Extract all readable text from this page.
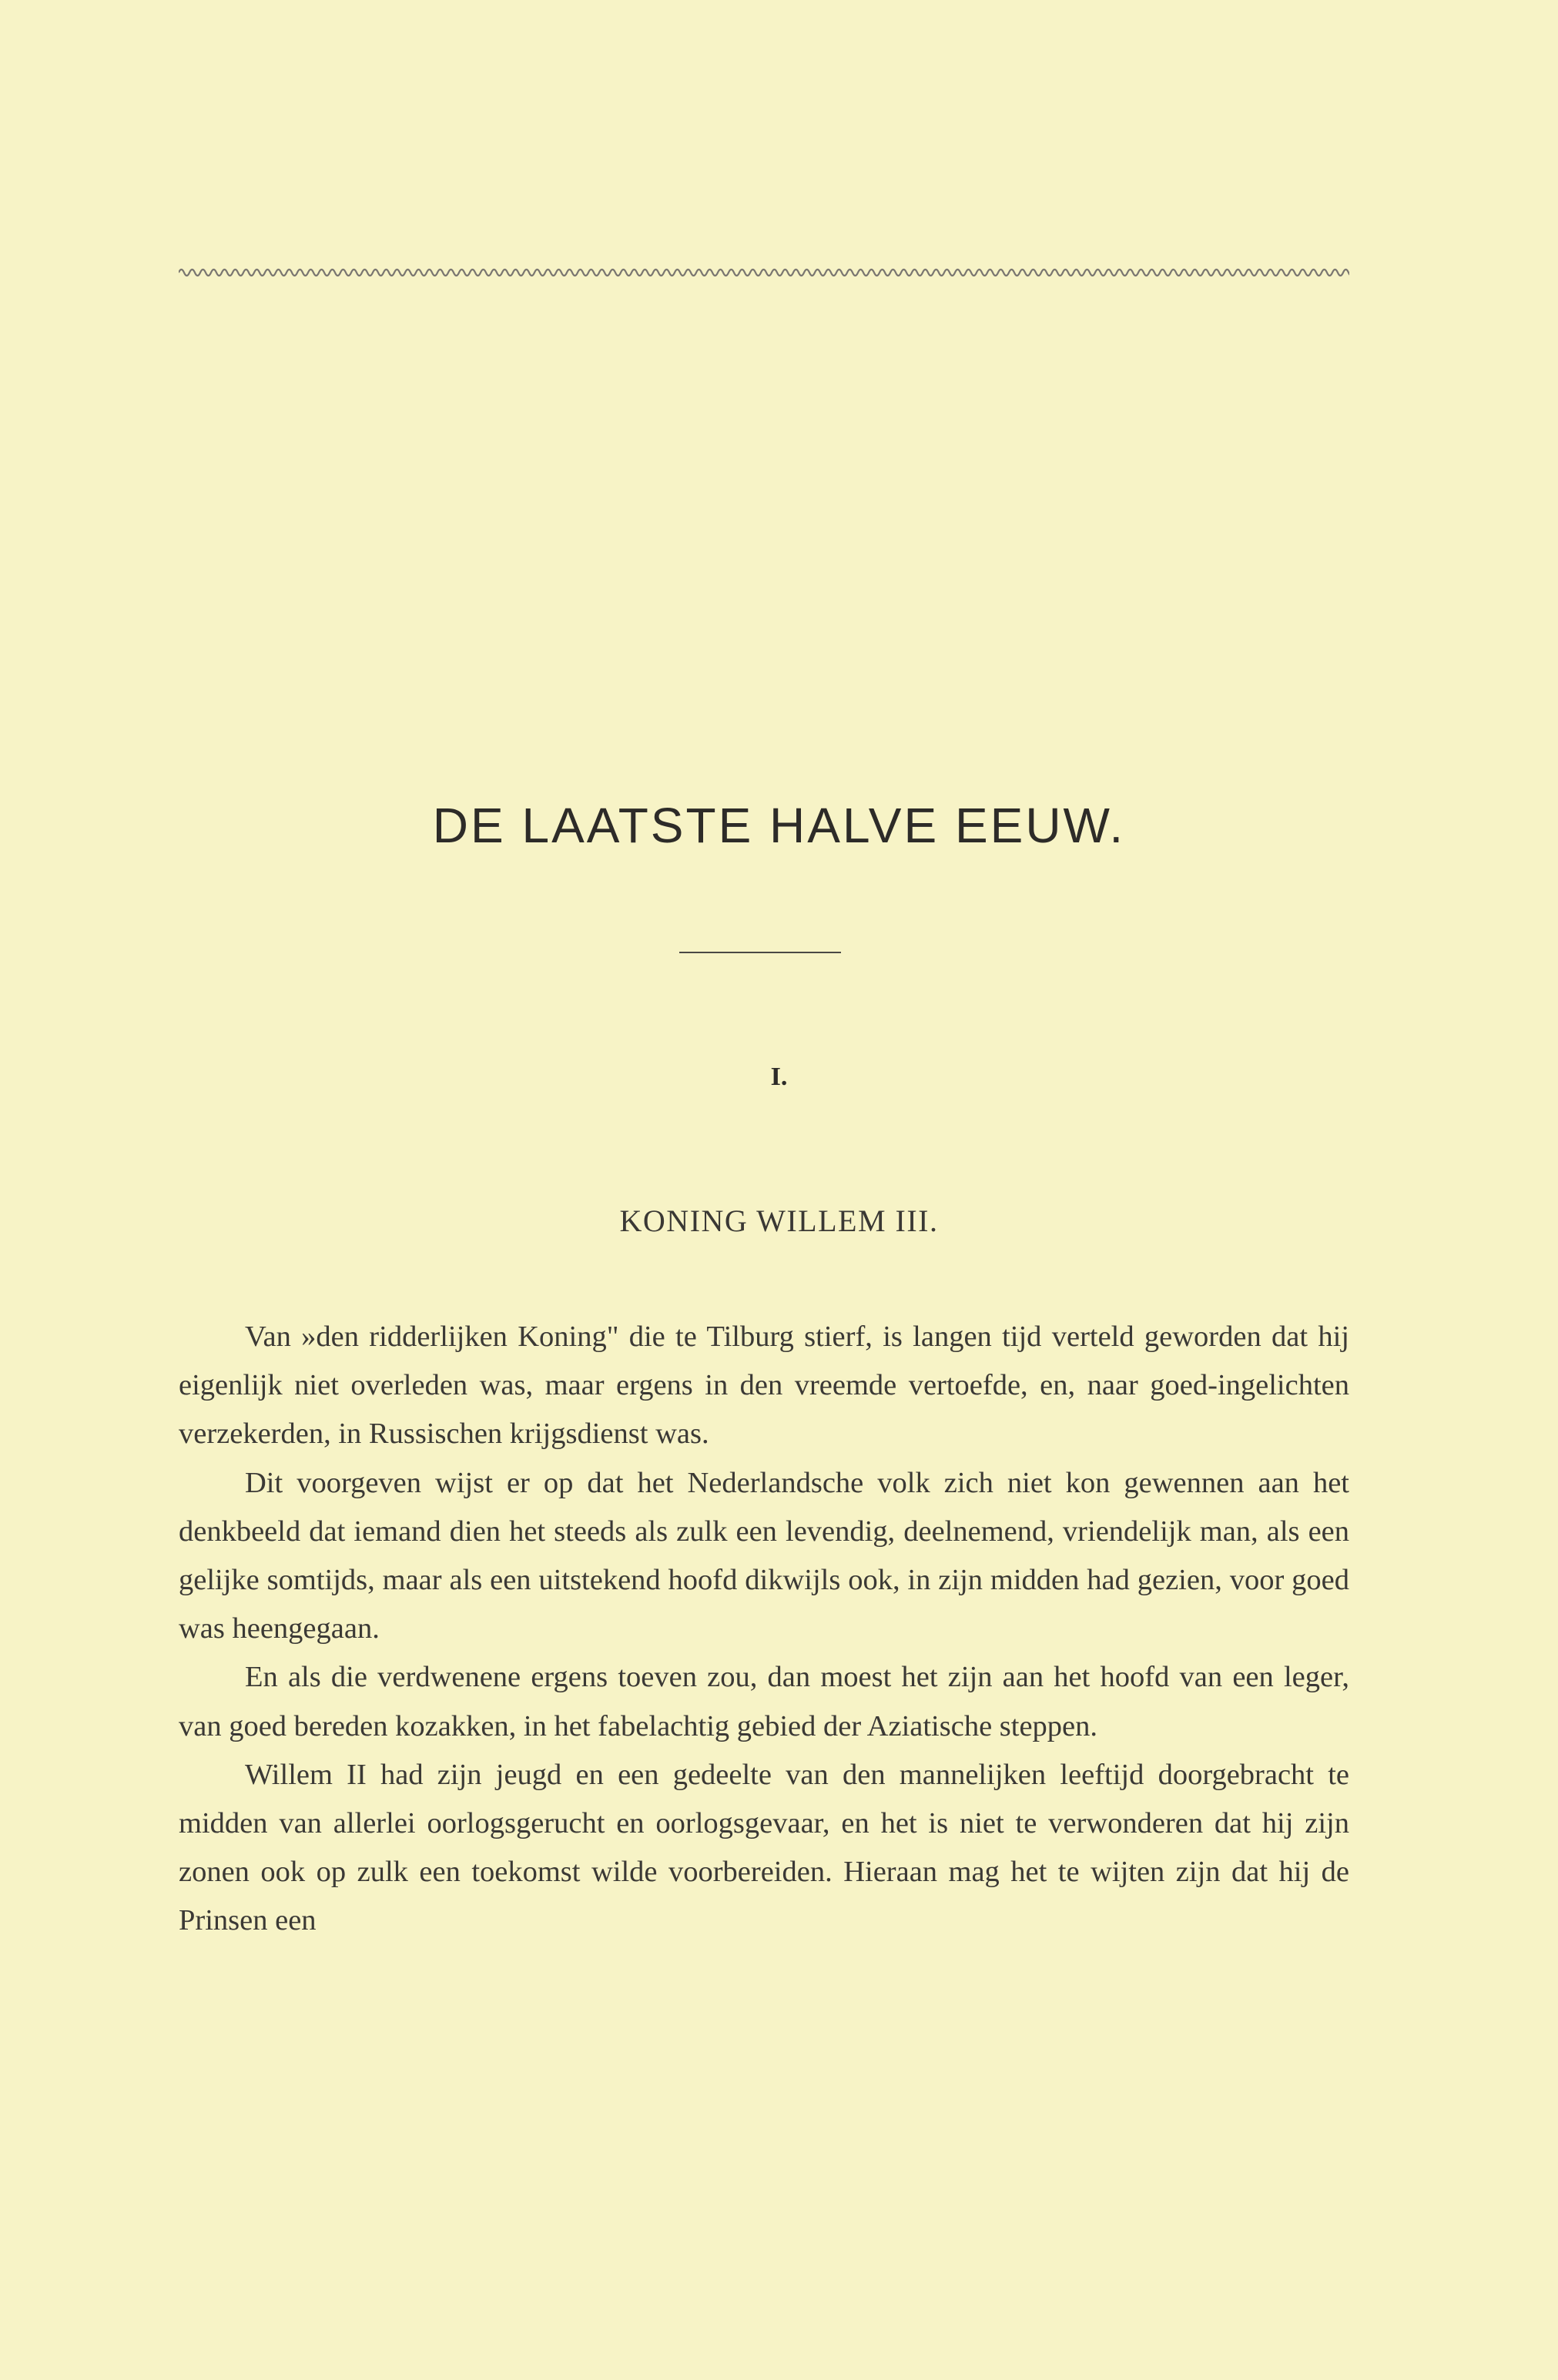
DE LAATSTE HALVE EEUW.
I.
KONING WILLEM III.

Van »den ridderlijken Koning" die te Tilburg stierf, is langen tijd verteld geworden dat hij eigenlijk niet overleden was, maar ergens in den vreemde vertoefde, en, naar goed-ingelichten verzekerden, in Russischen krijgsdienst was.

Dit voorgeven wijst er op dat het Nederlandsche volk zich niet kon gewennen aan het denkbeeld dat iemand dien het steeds als zulk een levendig, deelnemend, vriendelijk man, als een gelijke somtijds, maar als een uitstekend hoofd dikwijls ook, in zijn midden had gezien, voor goed was heengegaan.

En als die verdwenene ergens toeven zou, dan moest het zijn aan het hoofd van een leger, van goed bereden kozakken, in het fabelachtig gebied der Aziatische steppen.

Willem II had zijn jeugd en een gedeelte van den mannelijken leeftijd doorgebracht te midden van allerlei oorlogsgerucht en oorlogsgevaar, en het is niet te verwonderen dat hij zijn zonen ook op zulk een toekomst wilde voorbereiden. Hieraan mag het te wijten zijn dat hij de Prinsen een
